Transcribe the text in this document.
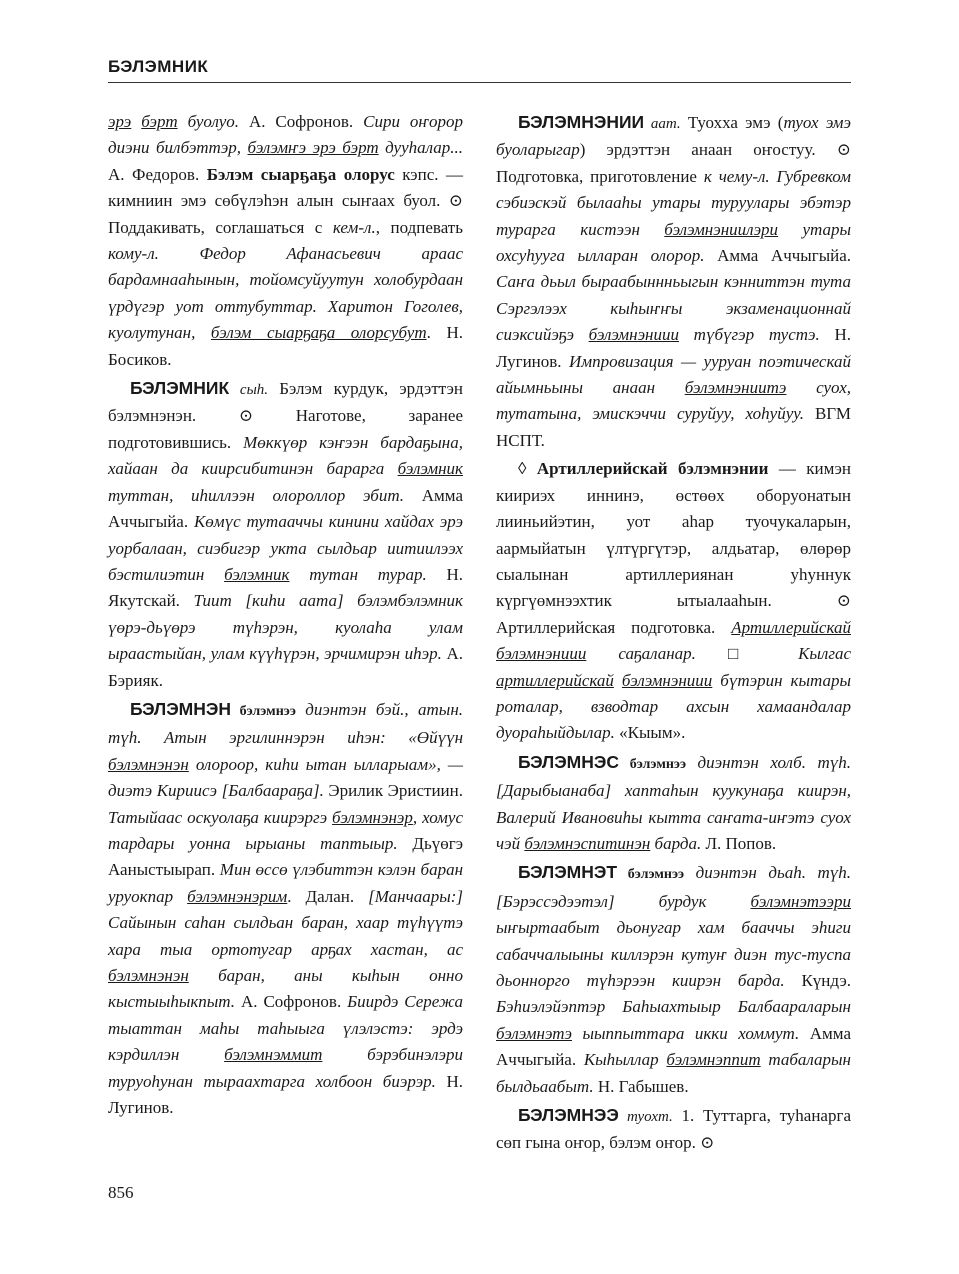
БЭЛЭМНИК

эрэ бэрт буолуо. А. Софронов. Сири оҥорор диэни билбэттэр, бэлэмҥэ эрэ бэрт дууһалар... А. Федоров. Бэлэм сыарҕаҕа олорус кэпс. — кимниин эмэ сөбүлэһэн алын сыҥаах буол. ⊙ Поддакивать, соглашаться с кем-л., подпевать кому-л. Федор Афанасьевич араас бардамнааһынын, тойомсуйуутун холобурдаан үрдүгэр уот оттубуттар. Харитон Гоголев, куолутунан, бэлэм сыарҕаҕа олорсубут. Н. Босиков.

БЭЛЭМНИК сыһ. Бэлэм курдук, эрдэттэн бэлэмнэнэн. ⊙ Наготове, заранее подготовившись. Мөккүөр кэҥээн бардаҕына, хайаан да киирсибитинэн барарга бэлэмник туттан, иһиллээн олороллор эбит. Амма Аччыгыйа. Көмүс тутааччы кинини хайдах эрэ уорбалаан, сиэбигэр укта сылдьар иитиилээх бэстилиэтин бэлэмник тутан турар. Н. Якутскай. Тиит [киһи аата] бэлэмбэлэмник үөрэ-дьүөрэ түһэрэн, куолаһа улам ыраастыйан, улам күүһүрэн, эрчимирэн иһэр. А. Бэрияк.

БЭЛЭМНЭН бэлэмнээ диэнтэн бэй., атын. түһ. Атын эргилиннэрэн иһэн: «Өйүүн бэлэмнэнэн олороор, киһи ытан ылларыам», — диэтэ Кириисэ [Балбаараҕа]. Эрилик Эристиин. Татыйаас оскуолаҕа киирэргэ бэлэмнэнэр, хомус тардары уонна ырыаны таптыыр. Дьүөгэ Ааныстыырап. Мин өссө үлэбиттэн кэлэн баран уруокпар бэлэмнэнэрим. Далан. [Манчаары:] Сайынын саһан сылдьан баран, хаар түһүүтэ хара тыа ортотугар арҕах хастан, ас бэлэмнэнэн баран, аны кыһын онно кыстыыһыкпыт. А. Софронов. Биирдэ Сережа тыаттан маһы таһыыга үлэлэстэ: эрдэ кэрдиллэн бэлэмнэммит бэрэбинэлэри туруоһунан тыраахтарга холбоон биэрэр. Н. Лугинов.

БЭЛЭМНЭНИИ аат. Туохха эмэ (туох эмэ буоларыгар) эрдэттэн анаан оҥостуу. ⊙ Подготовка, приготовление к чему-л. Губревком сэбиэскэй былааһы утары туруулары эбэтэр турарга кистээн бэлэмнэниилэри утары охсуһууга ылларан олорор. Амма Аччыгыйа. Саҥа дьыл быраабыннньыгын кэнниттэн тута Сэргэлээх кыһыҥҥы экзаменационнай сиэксийэҕэ бэлэмнэниии түбүгэр тустэ. Н. Лугинов. Импровизация — ууруан поэтическай айымньыны анаан бэлэмнэниитэ суох, тутатына, эмискэччи суруйуу, хоһуйуу. ВГМ НСПТ.

◊ Артиллерийскай бэлэмнэнии — кимэн киириэх иннинэ, өстөөх оборуонатын лииньийэтин, уот аһар туочукаларын, аармыйатын үлтүргүтэр, алдьатар, өлөрөр сыалынан артиллериянан уһуннук күргүөмнээхтик ытыалааһын. ⊙ Артиллерийская подготовка. Артиллерийскай бэлэмнэниии саҕаланар. □ Кылгас артиллерийскай бэлэмнэниии бүтэрин кытары роталар, взводтар ахсын хамаандалар дуораһыйдылар. «Кыым».

БЭЛЭМНЭС бэлэмнээ диэнтэн холб. түһ. [Дарыбыанаба] хаптаһын куукунаҕа киирэн, Валерий Ивановиһы кытта саҥата-иҥэтэ суох чэй бэлэмнэспитинэн барда. Л. Попов.

БЭЛЭМНЭТ бэлэмнээ диэнтэн дьаһ. түһ. [Бэрэссэдээтэл] бурдук бэлэмнэтээри ыҥыртаабыт дьонугар хам бааччы эһиги сабаччалыыны киллэрэн кутуҥ диэн тус-туспа дьоннорго түһэрээн киирэн барда. Күндэ. Бэһиэлэйэптэр Баһыахтыыр Балбаараларын бэлэмнэтэ ыыппыттара икки хоммут. Амма Аччыгыйа. Кыһыллар бэлэмнэппит табаларын былдьаабыт. Н. Габышев.

БЭЛЭМНЭЭ туохт. 1. Туттарга, туһанарга сөп гына оҥор, бэлэм оҥор. ⊙

856
